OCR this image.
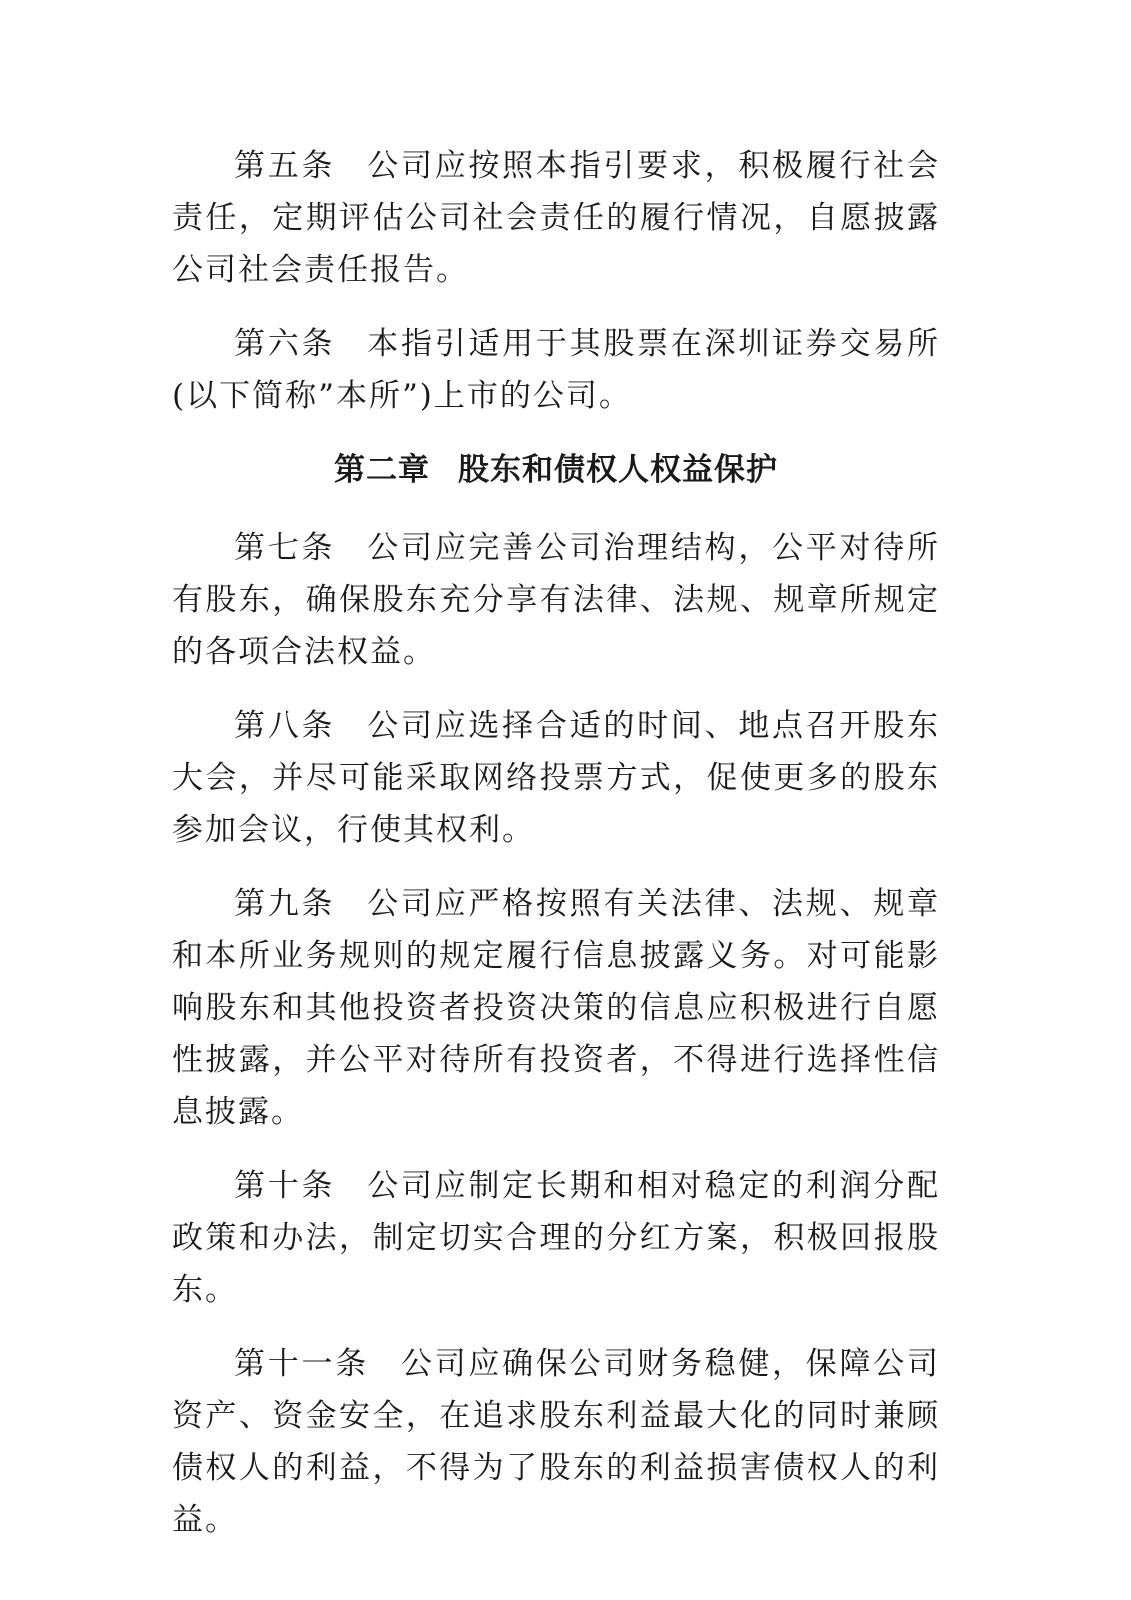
第五条 公司应按照本指引要求，积极履行社会责任，定期评估公司社会责任的履行情况，自愿披露公司社会责任报告。

第六条 本指引适用于其股票在深圳证券交易所(以下简称”本所”)上市的公司。

第二章 股东和债权人权益保护

第七条 公司应完善公司治理结构，公平对待所有股东，确保股东充分享有法律、法规、规章所规定的各项合法权益。

第八条 公司应选择合适的时间、地点召开股东大会，并尽可能采取网络投票方式，促使更多的股东参加会议，行使其权利。

第九条 公司应严格按照有关法律、法规、规章和本所业务规则的规定履行信息披露义务。对可能影响股东和其他投资者投资决策的信息应积极进行自愿性披露，并公平对待所有投资者，不得进行选择性信息披露。

第十条 公司应制定长期和相对稳定的利润分配政策和办法，制定切实合理的分红方案，积极回报股东。

第十一条 公司应确保公司财务稳健，保障公司资产、资金安全，在追求股东利益最大化的同时兼顾债权人的利益，不得为了股东的利益损害债权人的利益。
